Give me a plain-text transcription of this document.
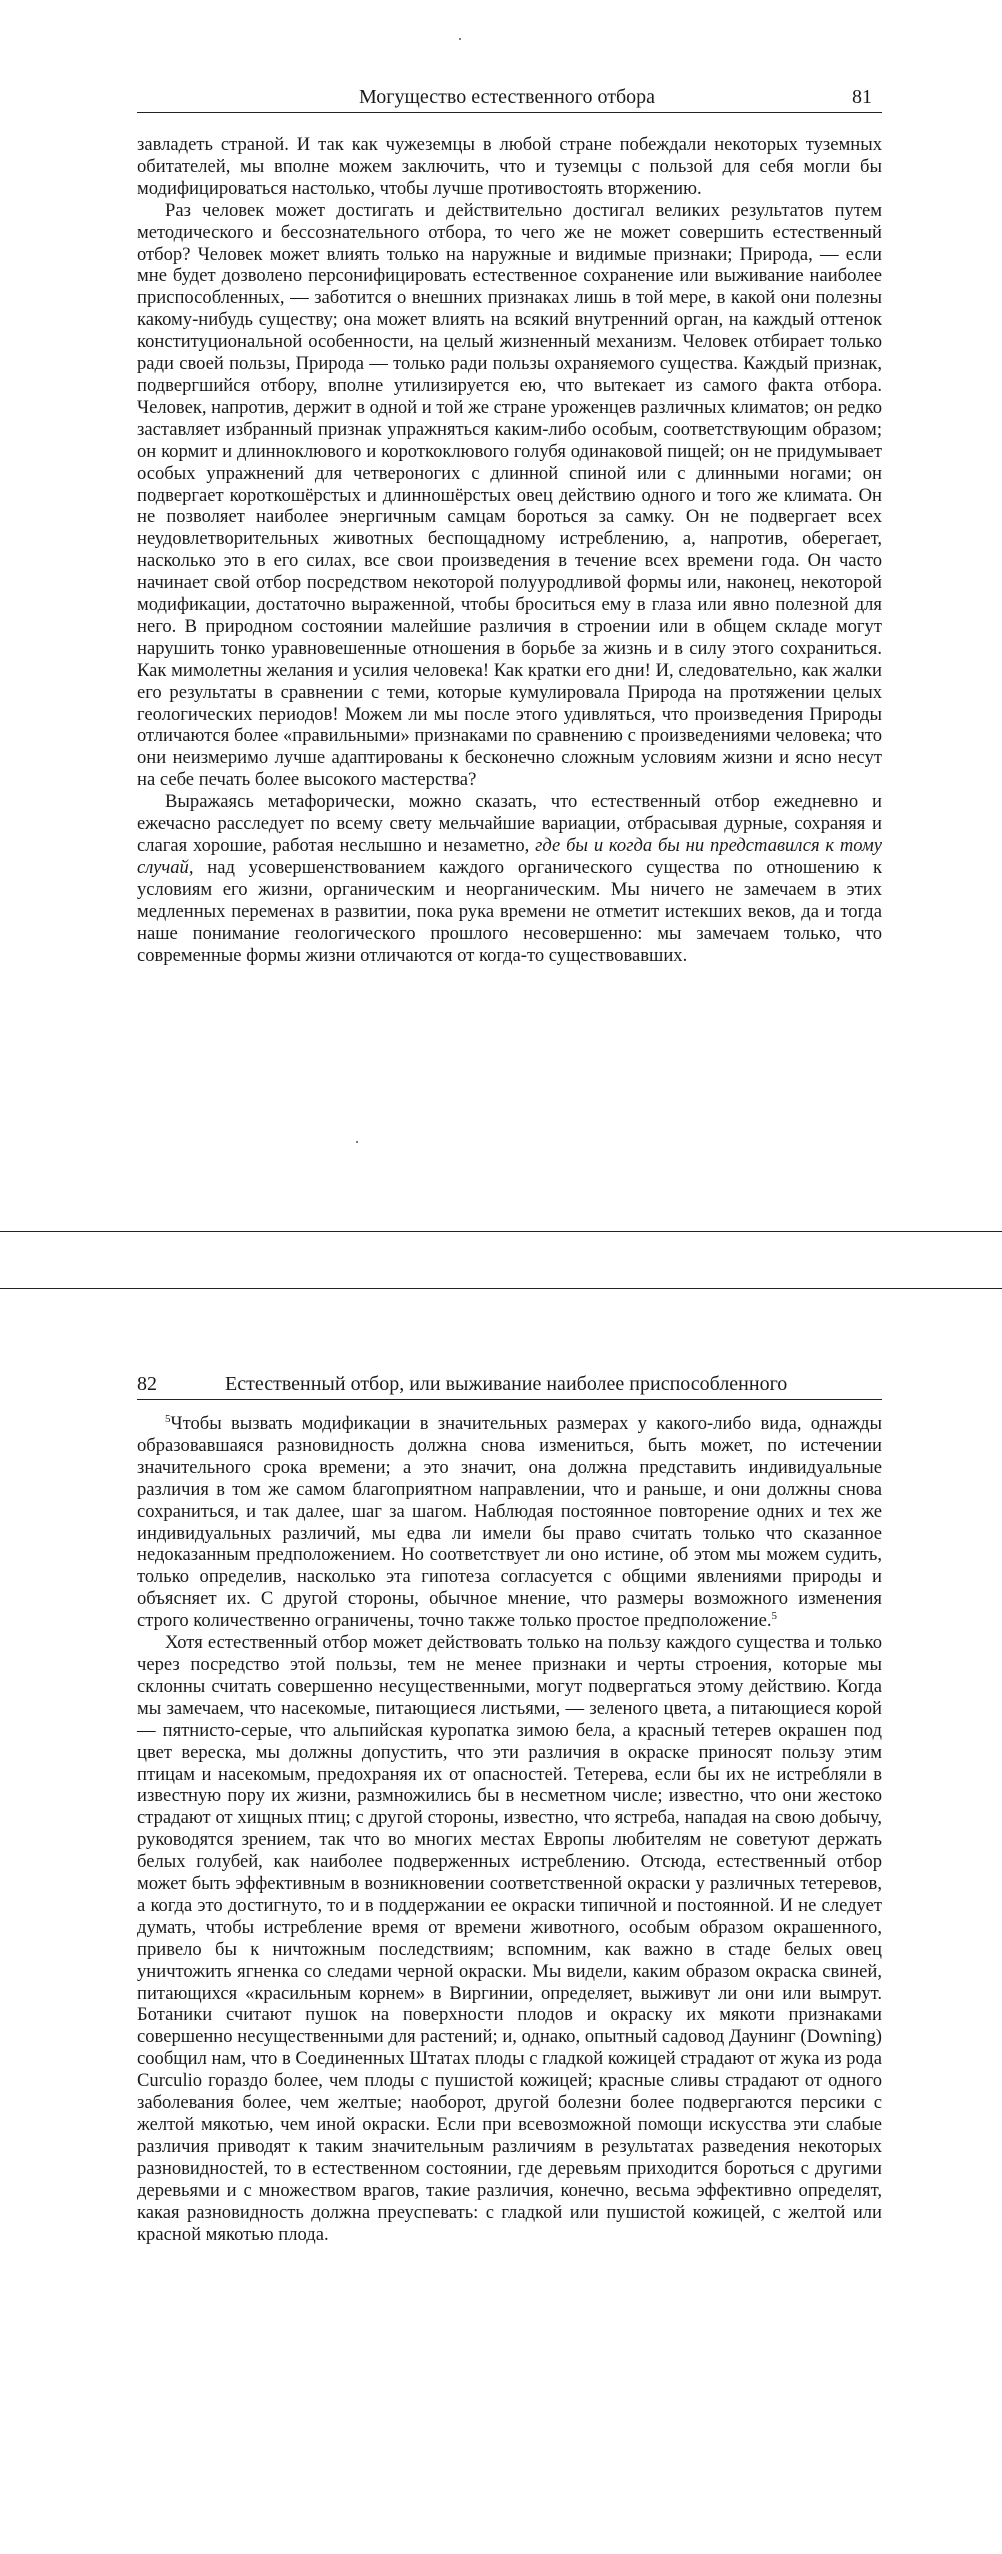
Могущество естественного отбора	81

завладеть страной. И так как чужеземцы в любой стране побеждали некоторых туземных обитателей, мы вполне можем заключить, что и туземцы с пользой для себя могли бы модифицироваться настолько, чтобы лучше противостоять вторжению.

Раз человек может достигать и действительно достигал великих результатов путем методического и бессознательного отбора, то чего же не может совершить естественный отбор? Человек может влиять только на наружные и видимые признаки; Природа, — если мне будет дозволено персонифицировать естественное сохранение или выживание наиболее приспособленных, — заботится о внешних признаках лишь в той мере, в какой они полезны какому-нибудь существу; она может влиять на всякий внутренний орган, на каждый оттенок конституциональной особенности, на целый жизненный механизм. Человек отбирает только ради своей пользы, Природа — только ради пользы охраняемого существа. Каждый признак, подвергшийся отбору, вполне утилизируется ею, что вытекает из самого факта отбора. Человек, напротив, держит в одной и той же стране уроженцев различных климатов; он редко заставляет избранный признак упражняться каким-либо особым, соответствующим образом; он кормит и длинноклювого и короткоклювого голубя одинаковой пищей; он не придумывает особых упражнений для четвероногих с длинной спиной или с длинными ногами; он подвергает короткошёрстых и длинношёрстых овец действию одного и того же климата. Он не позволяет наиболее энергичным самцам бороться за самку. Он не подвергает всех неудовлетворительных животных беспощадному истреблению, а, напротив, оберегает, насколько это в его силах, все свои произведения в течение всех времени года. Он часто начинает свой отбор посредством некоторой полууродливой формы или, наконец, некоторой модификации, достаточно выраженной, чтобы броситься ему в глаза или явно полезной для него. В природном состоянии малейшие различия в строении или в общем складе могут нарушить тонко уравновешенные отношения в борьбе за жизнь и в силу этого сохраниться. Как мимолетны желания и усилия человека! Как кратки его дни! И, следовательно, как жалки его результаты в сравнении с теми, которые кумулировала Природа на протяжении целых геологических периодов! Можем ли мы после этого удивляться, что произведения Природы отличаются более «правильными» признаками по сравнению с произведениями человека; что они неизмеримо лучше адаптированы к бесконечно сложным условиям жизни и ясно несут на себе печать более высокого мастерства?

Выражаясь метафорически, можно сказать, что естественный отбор ежедневно и ежечасно расследует по всему свету мельчайшие вариации, отбрасывая дурные, сохраняя и слагая хорошие, работая неслышно и незаметно, где бы и когда бы ни представился к тому случай, над усовершенствованием каждого органического существа по отношению к условиям его жизни, органическим и неорганическим. Мы ничего не замечаем в этих медленных переменах в развитии, пока рука времени не отметит истекших веков, да и тогда наше понимание геологического прошлого несовершенно: мы замечаем только, что современные формы жизни отличаются от когда-то существовавших.

82	Естественный отбор, или выживание наиболее приспособленного

$^5$Чтобы вызвать модификации в значительных размерах у какого-либо вида, однажды образовавшаяся разновидность должна снова измениться, быть может, по истечении значительного срока времени; а это значит, она должна представить индивидуальные различия в том же самом благоприятном направлении, что и раньше, и они должны снова сохраниться, и так далее, шаг за шагом. Наблюдая постоянное повторение одних и тех же индивидуальных различий, мы едва ли имели бы право считать только что сказанное недоказанным предположением. Но соответствует ли оно истине, об этом мы можем судить, только определив, насколько эта гипотеза согласуется с общими явлениями природы и объясняет их. С другой стороны, обычное мнение, что размеры возможного изменения строго количественно ограничены, точно также только простое предположение.$^5$

Хотя естественный отбор может действовать только на пользу каждого существа и только через посредство этой пользы, тем не менее признаки и черты строения, которые мы склонны считать совершенно несущественными, могут подвергаться этому действию. Когда мы замечаем, что насекомые, питающиеся листьями, — зеленого цвета, а питающиеся корой — пятнисто-серые, что альпийская куропатка зимою бела, а красный тетерев окрашен под цвет вереска, мы должны допустить, что эти различия в окраске приносят пользу этим птицам и насекомым, предохраняя их от опасностей. Тетерева, если бы их не истребляли в известную пору их жизни, размножились бы в несметном числе; известно, что они жестоко страдают от хищных птиц; с другой стороны, известно, что ястреба, нападая на свою добычу, руководятся зрением, так что во многих местах Европы любителям не советуют держать белых голубей, как наиболее подверженных истреблению. Отсюда, естественный отбор может быть эффективным в возникновении соответственной окраски у различных тетеревов, а когда это достигнуто, то и в поддержании ее окраски типичной и постоянной. И не следует думать, чтобы истребление время от времени животного, особым образом окрашенного, привело бы к ничтожным последствиям; вспомним, как важно в стаде белых овец уничтожить ягненка со следами черной окраски. Мы видели, каким образом окраска свиней, питающихся «красильным корнем» в Виргинии, определяет, выживут ли они или вымрут. Ботаники считают пушок на поверхности плодов и окраску их мякоти признаками совершенно несущественными для растений; и, однако, опытный садовод Даунинг (Downing) сообщил нам, что в Соединенных Штатах плоды с гладкой кожицей страдают от жука из рода Curculio гораздо более, чем плоды с пушистой кожицей; красные сливы страдают от одного заболевания более, чем желтые; наоборот, другой болезни более подвергаются персики с желтой мякотью, чем иной окраски. Если при всевозможной помощи искусства эти слабые различия приводят к таким значительным различиям в результатах разведения некоторых разновидностей, то в естественном состоянии, где деревьям приходится бороться с другими деревьями и с множеством врагов, такие различия, конечно, весьма эффективно определят, какая разновидность должна преуспевать: с гладкой или пушистой кожицей, с желтой или красной мякотью плода.
